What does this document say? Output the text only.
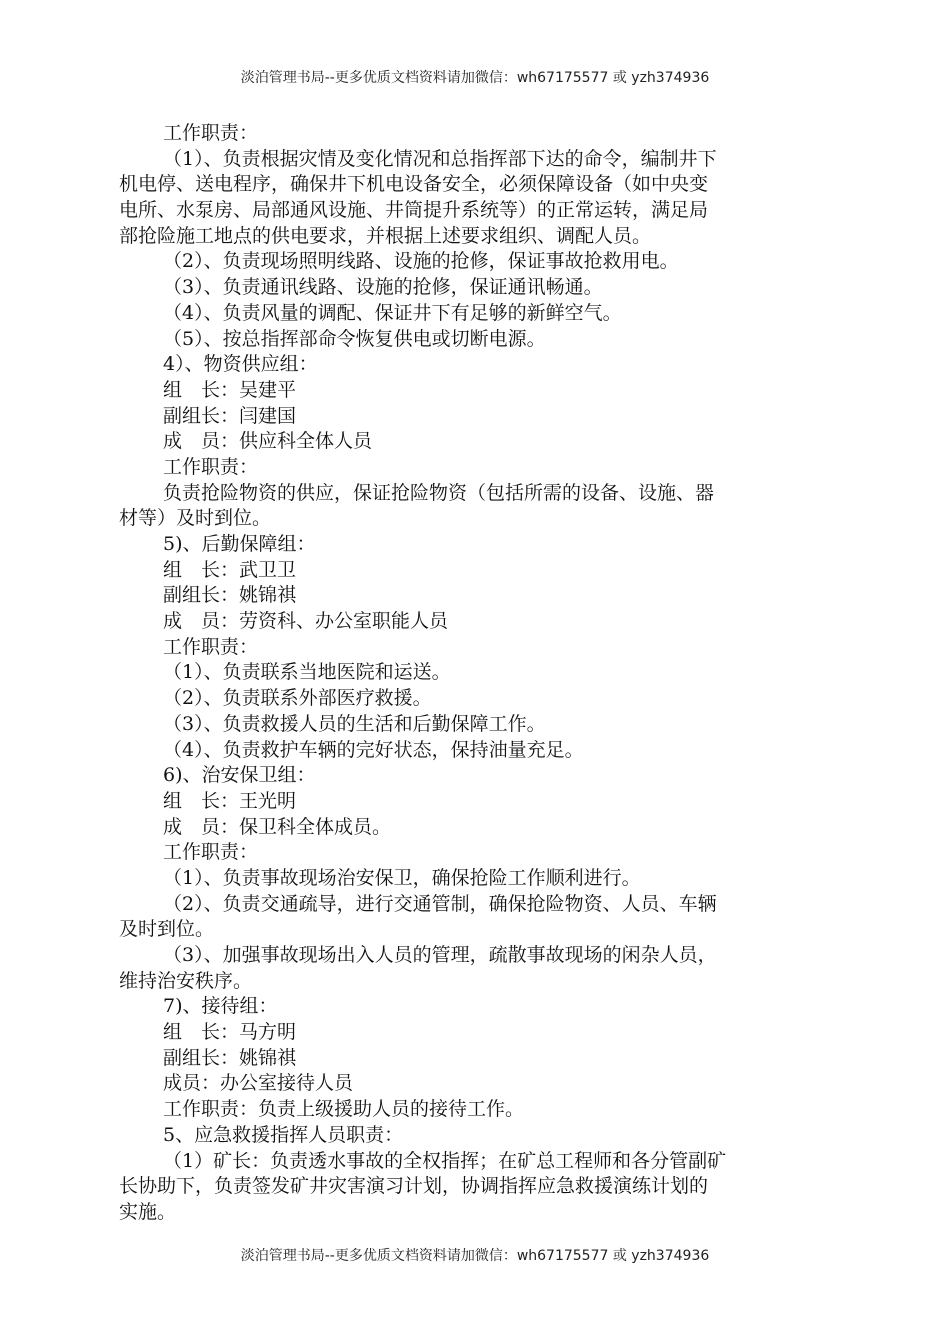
淡泊管理书局--更多优质文档资料请加微信：wh67175577 或 yzh374936
工作职责：
（1）、负责根据灾情及变化情况和总指挥部下达的命令，编制井下
机电停、送电程序，确保井下机电设备安全，必须保障设备（如中央变
电所、水泵房、局部通风设施、井筒提升系统等）的正常运转，满足局
部抢险施工地点的供电要求，并根据上述要求组织、调配人员。
（2）、负责现场照明线路、设施的抢修，保证事故抢救用电。
（3）、负责通讯线路、设施的抢修，保证通讯畅通。
（4）、负责风量的调配、保证井下有足够的新鲜空气。
（5）、按总指挥部命令恢复供电或切断电源。
4）、物资供应组：
组　长：吴建平
副组长：闫建国
成　员：供应科全体人员
工作职责：
负责抢险物资的供应，保证抢险物资（包括所需的设备、设施、器
材等）及时到位。
5)、后勤保障组：
组　长：武卫卫
副组长：姚锦祺
成　员：劳资科、办公室职能人员
工作职责：
（1）、负责联系当地医院和运送。
（2）、负责联系外部医疗救援。
（3）、负责救援人员的生活和后勤保障工作。
（4）、负责救护车辆的完好状态，保持油量充足。
6)、治安保卫组：
组　长：王光明
成　员：保卫科全体成员。
工作职责：
（1）、负责事故现场治安保卫，确保抢险工作顺利进行。
（2）、负责交通疏导，进行交通管制，确保抢险物资、人员、车辆
及时到位。
（3）、加强事故现场出入人员的管理，疏散事故现场的闲杂人员，
维持治安秩序。
7)、接待组：
组　长：马方明
副组长：姚锦祺
成员：办公室接待人员
工作职责：负责上级援助人员的接待工作。
5、应急救援指挥人员职责：
（1）矿长：负责透水事故的全权指挥；在矿总工程师和各分管副矿
长协助下，负责签发矿井灾害演习计划，协调指挥应急救援演练计划的
实施。
淡泊管理书局--更多优质文档资料请加微信：wh67175577 或 yzh374936
